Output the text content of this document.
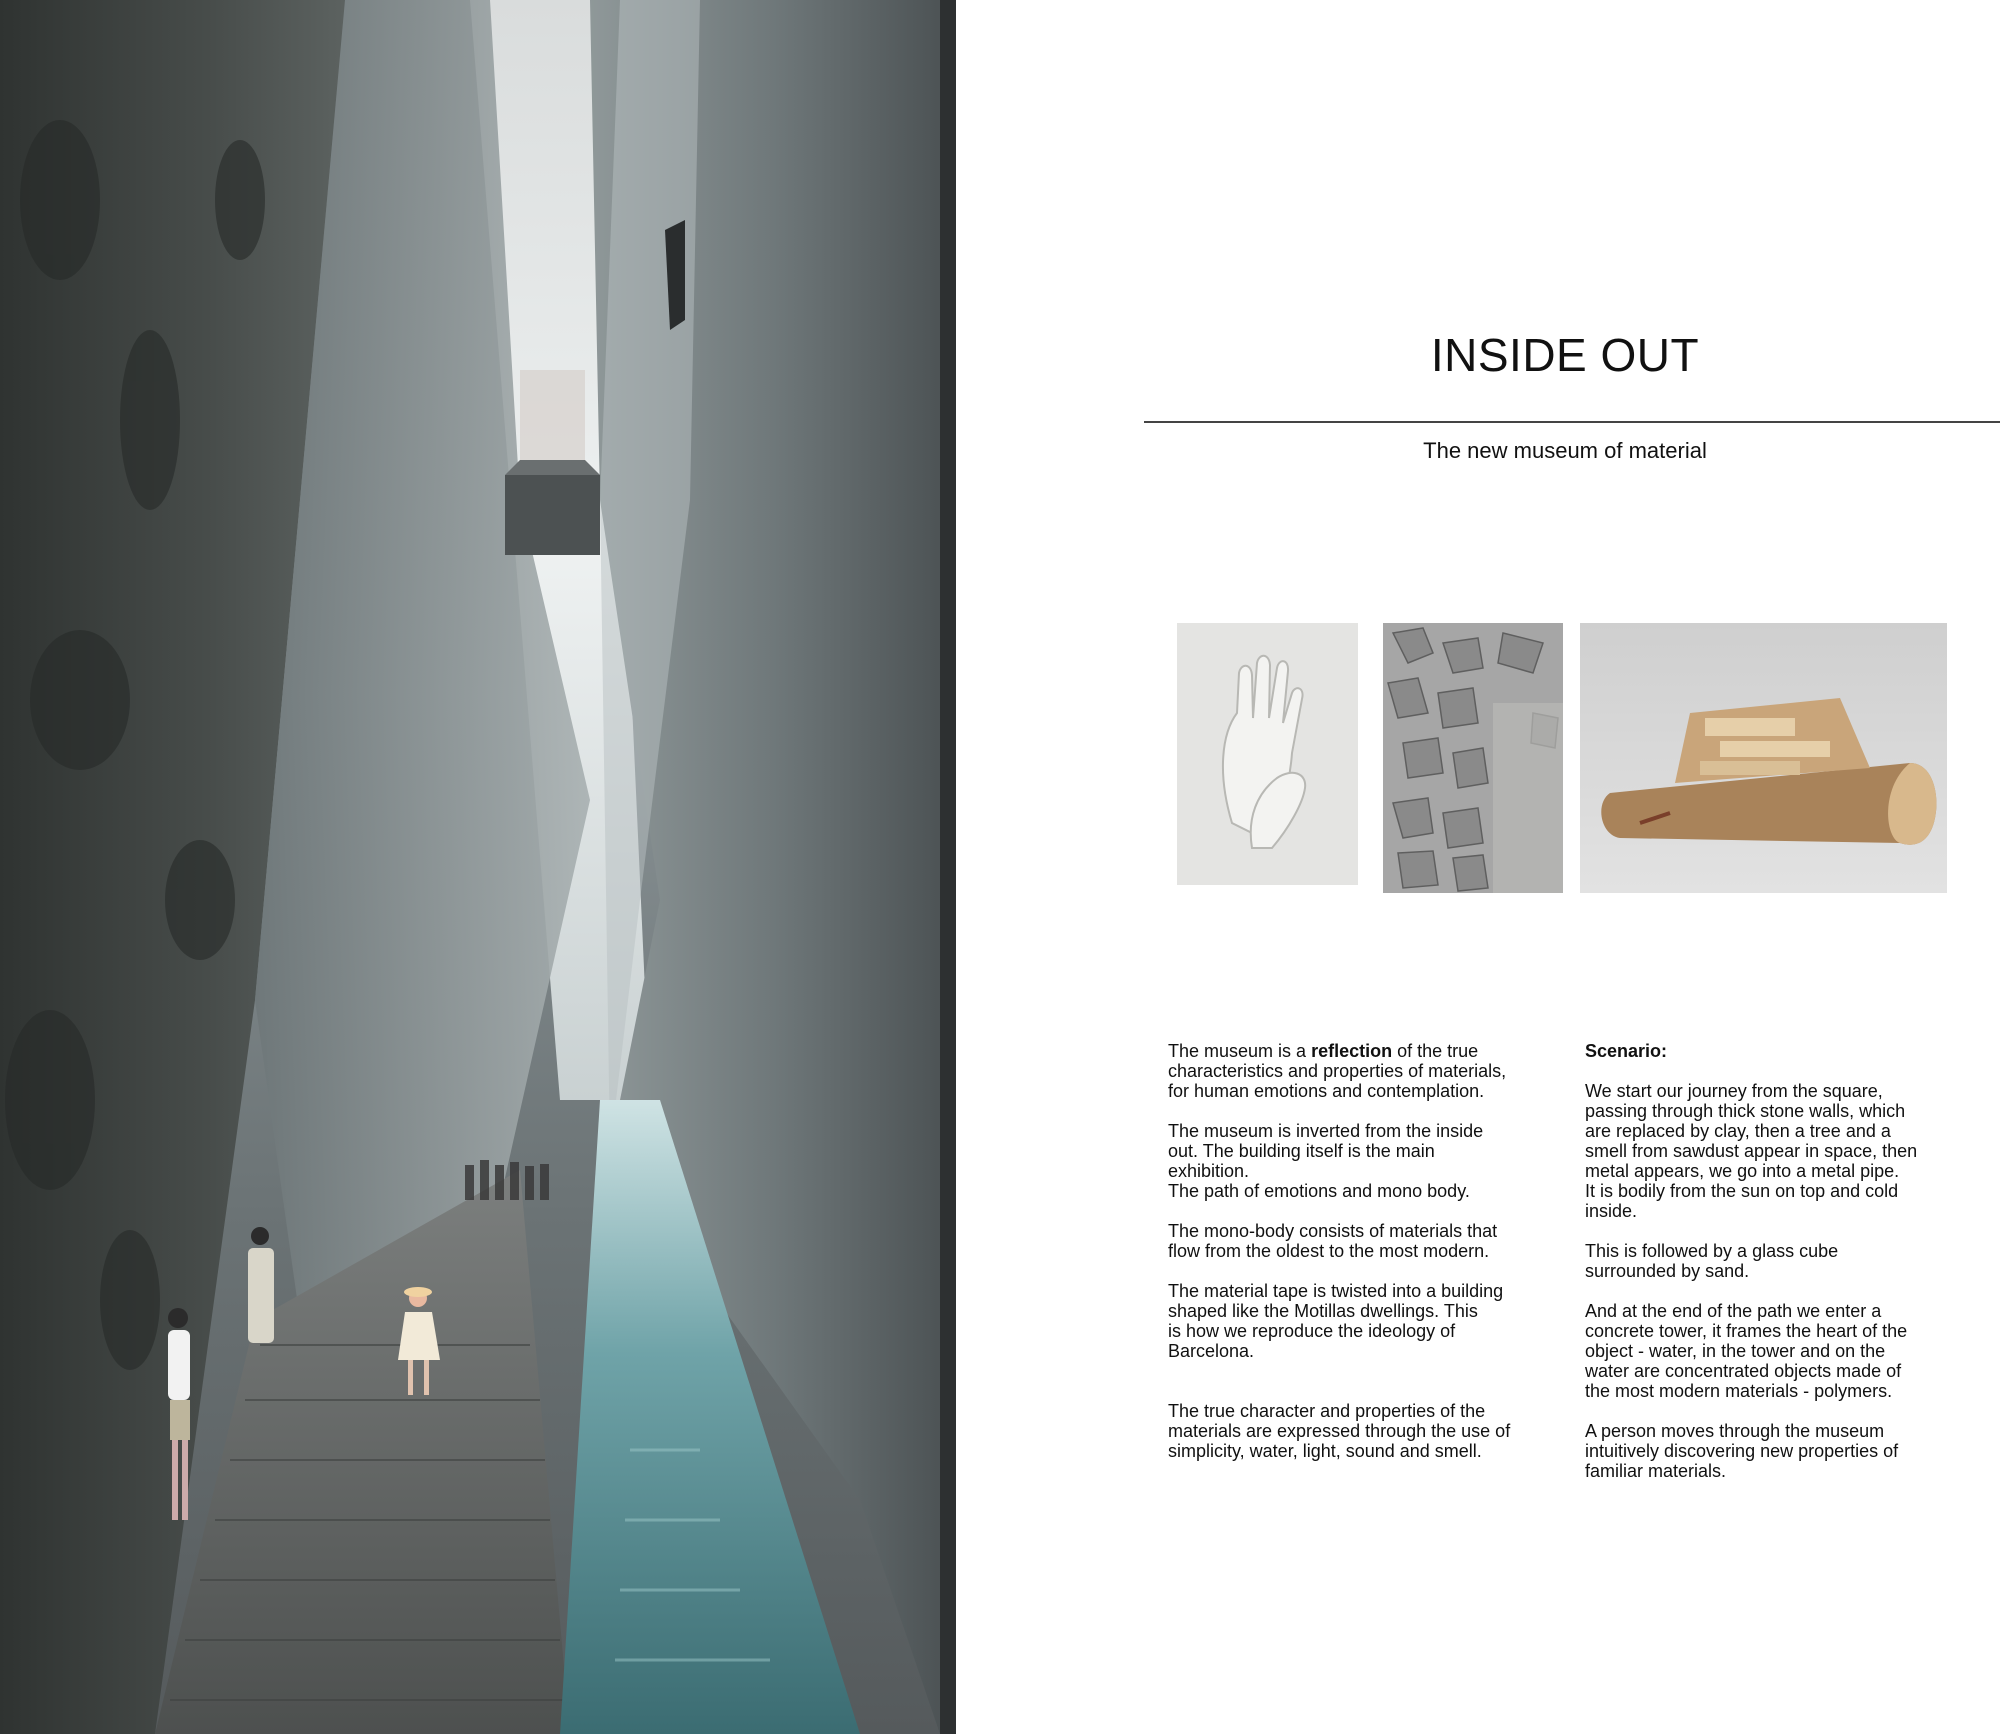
INSIDE OUT
The new museum of material

The museum is a reflection of the true

characteristics and properties of materials,

for human emotions and contemplation.

The museum is inverted from the inside

out. The building itself is the main

exhibition.

The path of emotions and mono body.

The mono-body consists of materials that

flow from the oldest to the most modern.

The material tape is twisted into a building

shaped like the Motillas dwellings. This

is how we reproduce the ideology of

Barcelona.

The true character and properties of the

materials are expressed through the use of

simplicity, water, light, sound and smell.

Scenario:

We start our journey from the square,

passing through thick stone walls, which

are replaced by clay, then a tree and a

smell from sawdust appear in space, then

metal appears, we go into a metal pipe.

It is bodily from the sun on top and cold

inside.

This is followed by a glass cube

surrounded by sand.

And at the end of the path we enter a

concrete tower, it frames the heart of the

object - water, in the tower and on the

water are concentrated objects made of

the most modern materials - polymers.

A person moves through the museum

intuitively discovering new properties of

familiar materials.
